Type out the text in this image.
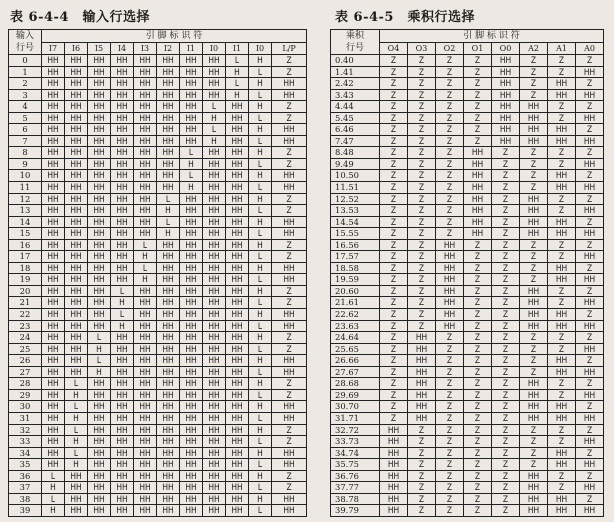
表 6-4-4　输入行选择	表 6-4-5　乘积行选择
输入
行号	引 脚 标 识 符										
	I7	I6	I5	I4	I3	I2	I1	I0	I1	I0	L/P
0	HH	HH	HH	HH	HH	HH	HH	HH	L	H	Z
1	HH	HH	HH	HH	HH	HH	HH	HH	H	L	Z
2	HH	HH	HH	HH	HH	HH	HH	HH	L	H	HH
3	HH	HH	HH	HH	HH	HH	HH	HH	H	L	HH
4	HH	HH	HH	HH	HH	HH	HH	L	HH	H	Z
5	HH	HH	HH	HH	HH	HH	HH	H	HH	L	Z
6	HH	HH	HH	HH	HH	HH	HH	L	HH	H	HH
7	HH	HH	HH	HH	HH	HH	HH	H	HH	L	HH
8	HH	HH	HH	HH	HH	HH	L	HH	HH	H	Z
9	HH	HH	HH	HH	HH	HH	H	HH	HH	L	Z
10	HH	HH	HH	HH	HH	HH	L	HH	HH	H	HH
11	HH	HH	HH	HH	HH	HH	H	HH	HH	L	HH
12	HH	HH	HH	HH	HH	L	HH	HH	HH	H	Z
13	HH	HH	HH	HH	HH	H	HH	HH	HH	L	Z
14	HH	HH	HH	HH	HH	L	HH	HH	HH	H	HH
15	HH	HH	HH	HH	HH	H	HH	HH	HH	L	HH
16	HH	HH	HH	HH	L	HH	HH	HH	HH	H	Z
17	HH	HH	HH	HH	H	HH	HH	HH	HH	L	Z
18	HH	HH	HH	HH	L	HH	HH	HH	HH	H	HH
19	HH	HH	HH	HH	H	HH	HH	HH	HH	L	HH
20	HH	HH	HH	L	HH	HH	HH	HH	HH	H	Z
21	HH	HH	HH	H	HH	HH	HH	HH	HH	L	Z
22	HH	HH	HH	L	HH	HH	HH	HH	HH	H	HH
23	HH	HH	HH	H	HH	HH	HH	HH	HH	L	HH
24	HH	HH	L	HH	HH	HH	HH	HH	HH	H	Z
25	HH	HH	H	HH	HH	HH	HH	HH	HH	L	Z
26	HH	HH	L	HH	HH	HH	HH	HH	HH	H	HH
27	HH	HH	H	HH	HH	HH	HH	HH	HH	L	HH
28	HH	L	HH	HH	HH	HH	HH	HH	HH	H	Z
29	HH	H	HH	HH	HH	HH	HH	HH	HH	L	Z
30	HH	L	HH	HH	HH	HH	HH	HH	HH	H	HH
31	HH	H	HH	HH	HH	HH	HH	HH	HH	L	HH
32	HH	L	HH	HH	HH	HH	HH	HH	HH	H	Z
33	HH	H	HH	HH	HH	HH	HH	HH	HH	L	Z
34	HH	L	HH	HH	HH	HH	HH	HH	HH	H	HH
35	HH	H	HH	HH	HH	HH	HH	HH	HH	L	HH
36	L	HH	HH	HH	HH	HH	HH	HH	HH	H	Z
37	H	HH	HH	HH	HH	HH	HH	HH	HH	L	Z
38	L	HH	HH	HH	HH	HH	HH	HH	HH	H	HH
39	H	HH	HH	HH	HH	HH	HH	HH	HH	L	HH
乘积
行号	引 脚 标 识 符							
	O4	O3	O2	O1	O0	A2	A1	A0
0.40	Z	Z	Z	Z	HH	Z	Z	Z
1.41	Z	Z	Z	Z	HH	Z	Z	HH
2.42	Z	Z	Z	Z	HH	Z	HH	Z
3.43	Z	Z	Z	Z	HH	Z	HH	HH
4.44	Z	Z	Z	Z	HH	HH	Z	Z
5.45	Z	Z	Z	Z	HH	HH	Z	HH
6.46	Z	Z	Z	Z	HH	HH	HH	Z
7.47	Z	Z	Z	Z	HH	HH	HH	HH
8.48	Z	Z	Z	HH	Z	Z	Z	Z
9.49	Z	Z	Z	HH	Z	Z	Z	HH
10.50	Z	Z	Z	HH	Z	Z	HH	Z
11.51	Z	Z	Z	HH	Z	Z	HH	HH
12.52	Z	Z	Z	HH	Z	HH	Z	Z
13.53	Z	Z	Z	HH	Z	HH	Z	HH
14.54	Z	Z	Z	HH	Z	HH	HH	Z
15.55	Z	Z	Z	HH	Z	HH	HH	HH
16.56	Z	Z	HH	Z	Z	Z	Z	Z
17.57	Z	Z	HH	Z	Z	Z	Z	HH
18.58	Z	Z	HH	Z	Z	Z	HH	Z
19.59	Z	Z	HH	Z	Z	Z	HH	HH
20.60	Z	Z	HH	Z	Z	HH	Z	Z
21.61	Z	Z	HH	Z	Z	HH	Z	HH
22.62	Z	Z	HH	Z	Z	HH	HH	Z
23.63	Z	Z	HH	Z	Z	HH	HH	HH
24.64	Z	HH	Z	Z	Z	Z	Z	Z
25.65	Z	HH	Z	Z	Z	Z	Z	HH
26.66	Z	HH	Z	Z	Z	Z	HH	Z
27.67	Z	HH	Z	Z	Z	Z	HH	HH
28.68	Z	HH	Z	Z	Z	HH	Z	Z
29.69	Z	HH	Z	Z	Z	HH	Z	HH
30.70	Z	HH	Z	Z	Z	HH	HH	Z
31.71	Z	HH	Z	Z	Z	HH	HH	HH
32.72	HH	Z	Z	Z	Z	Z	Z	Z
33.73	HH	Z	Z	Z	Z	Z	Z	HH
34.74	HH	Z	Z	Z	Z	Z	HH	Z
35.75	HH	Z	Z	Z	Z	Z	HH	HH
36.76	HH	Z	Z	Z	Z	HH	Z	Z
37.77	HH	Z	Z	Z	Z	HH	Z	HH
38.78	HH	Z	Z	Z	Z	HH	HH	Z
39.79	HH	Z	Z	Z	Z	HH	HH	HH
